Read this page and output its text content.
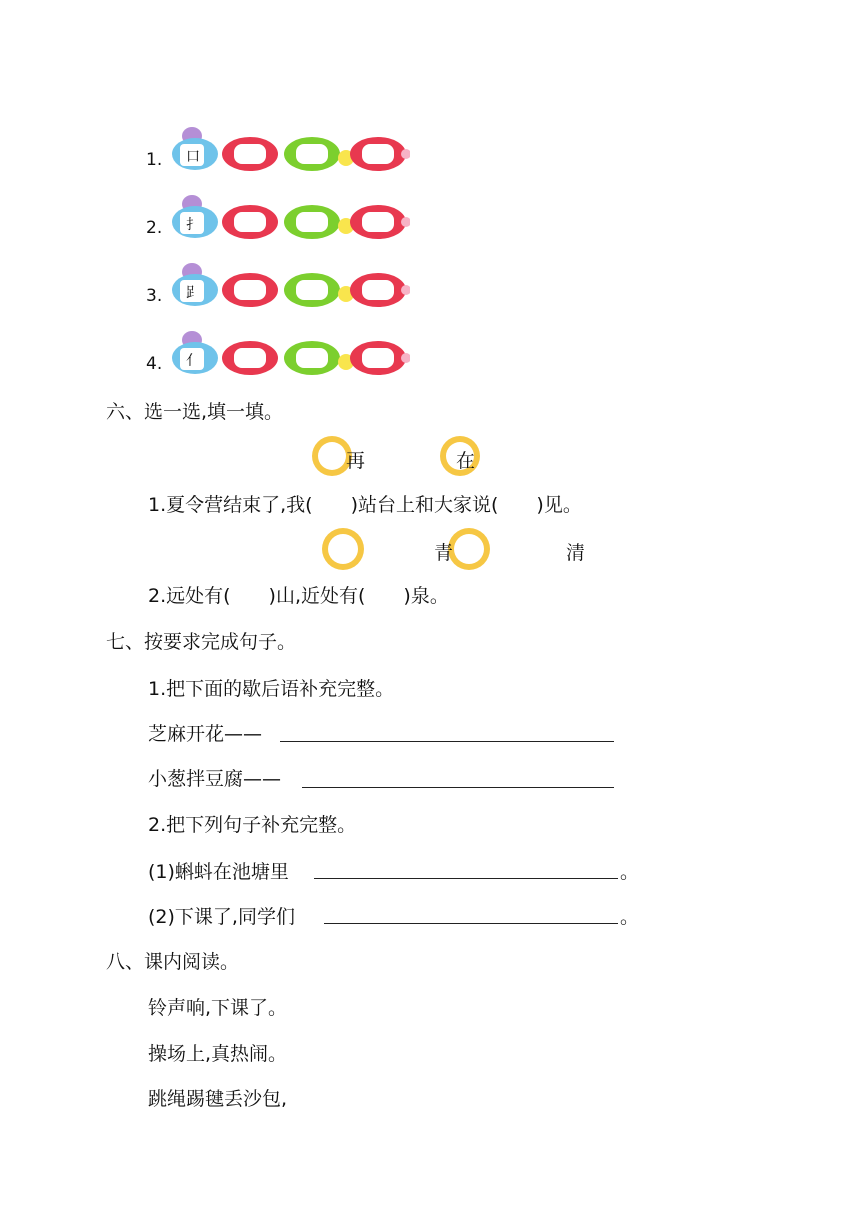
1. 口
2. 扌
3. 𧾷
4. 亻
六、选一选,填一填。
再	在
1.夏令营结束了,我(　　)站台上和大家说(　　)见。
青	清
2.远处有(　　)山,近处有(　　)泉。
七、按要求完成句子。
1.把下面的歇后语补充完整。
芝麻开花——
小葱拌豆腐——
2.把下列句子补充完整。
(1)蝌蚪在池塘里	。
(2)下课了,同学们	。
八、课内阅读。
铃声响,下课了。
操场上,真热闹。
跳绳踢毽丢沙包,
